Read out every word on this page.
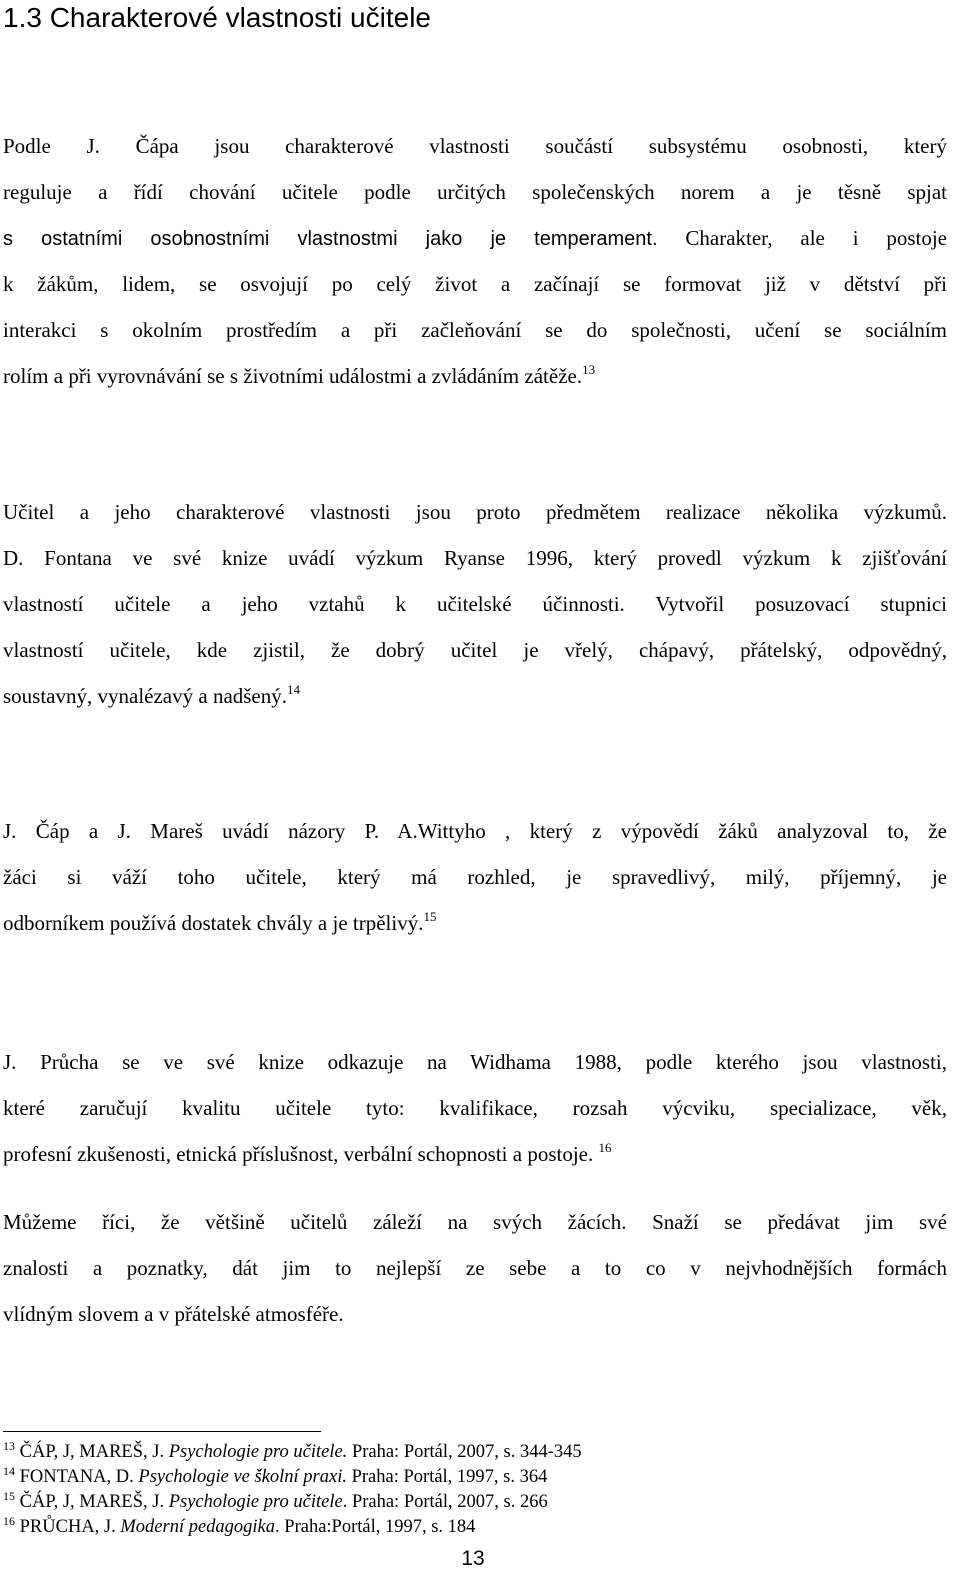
1.3 Charakterové vlastnosti učitele
Podle J. Čápa jsou charakterové vlastnosti součástí subsystému osobnosti, který
reguluje a řídí chování učitele podle určitých společenských norem a je těsně spjat
s ostatními osobnostními vlastnostmi jako je temperament. Charakter, ale i postoje
k žákům, lidem, se osvojují po celý život a začínají se formovat již v dětství při
interakci s okolním prostředím a při začleňování se do společnosti, učení se sociálním
rolím a při vyrovnávání se s životními událostmi a zvládáním zátěže.$^{13}$
Učitel a jeho charakterové vlastnosti jsou proto předmětem realizace několika výzkumů.
D. Fontana ve své knize uvádí výzkum Ryanse 1996, který provedl výzkum k zjišťování
vlastností učitele a jeho vztahů k učitelské účinnosti. Vytvořil posuzovací stupnici
vlastností učitele, kde zjistil, že dobrý učitel je vřelý, chápavý, přátelský, odpovědný,
soustavný, vynalézavý a nadšený.$^{14}$
J. Čáp a J. Mareš uvádí názory P. A.Wittyho , který z výpovědí žáků analyzoval to, že
žáci si váží toho učitele, který má rozhled, je spravedlivý, milý, příjemný, je
odborníkem používá dostatek chvály a je trpělivý.$^{15}$
J. Průcha se ve své knize odkazuje na Widhama 1988, podle kterého jsou vlastnosti,
které zaručují kvalitu učitele tyto: kvalifikace, rozsah výcviku, specializace, věk,
profesní zkušenosti, etnická příslušnost, verbální schopnosti a postoje. $^{16}$
Můžeme říci, že většině učitelů záleží na svých žácích. Snaží se předávat jim své
znalosti a poznatky, dát jim to nejlepší ze sebe a to co v nejvhodnějších formách
vlídným slovem a v přátelské atmosféře.
$^{13}$ ČÁP, J, MAREŠ, J. Psychologie pro učitele. Praha: Portál, 2007, s. 344-345
$^{14}$ FONTANA, D. Psychologie ve školní praxi. Praha: Portál, 1997, s. 364
$^{15}$ ČÁP, J, MAREŠ, J. Psychologie pro učitele. Praha: Portál, 2007, s. 266
$^{16}$ PRŮCHA, J. Moderní pedagogika. Praha:Portál, 1997, s. 184
13
